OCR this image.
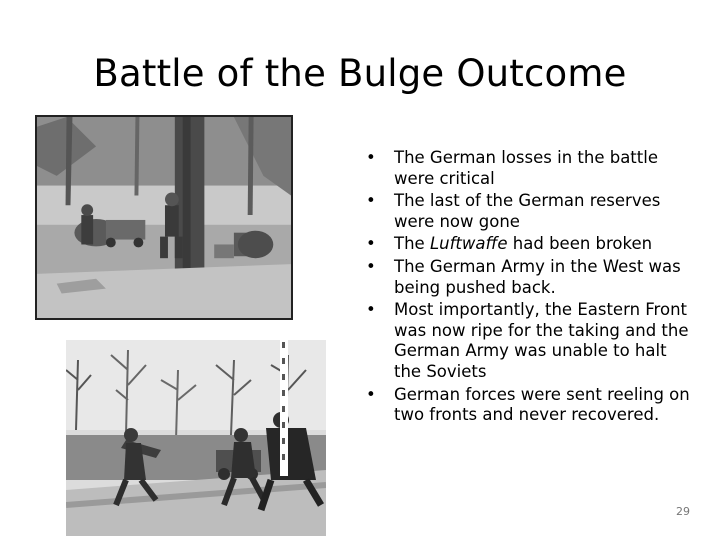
Battle of the Bulge Outcome
• The German losses in the battle were critical
• The last of the German reserves were now gone
• The Luftwaffe had been broken
• The German Army in the West was being pushed back.
• Most importantly, the Eastern Front was now ripe for the taking and the German Army was unable to halt the Soviets
• German forces were sent reeling on two fronts and never recovered.
29
